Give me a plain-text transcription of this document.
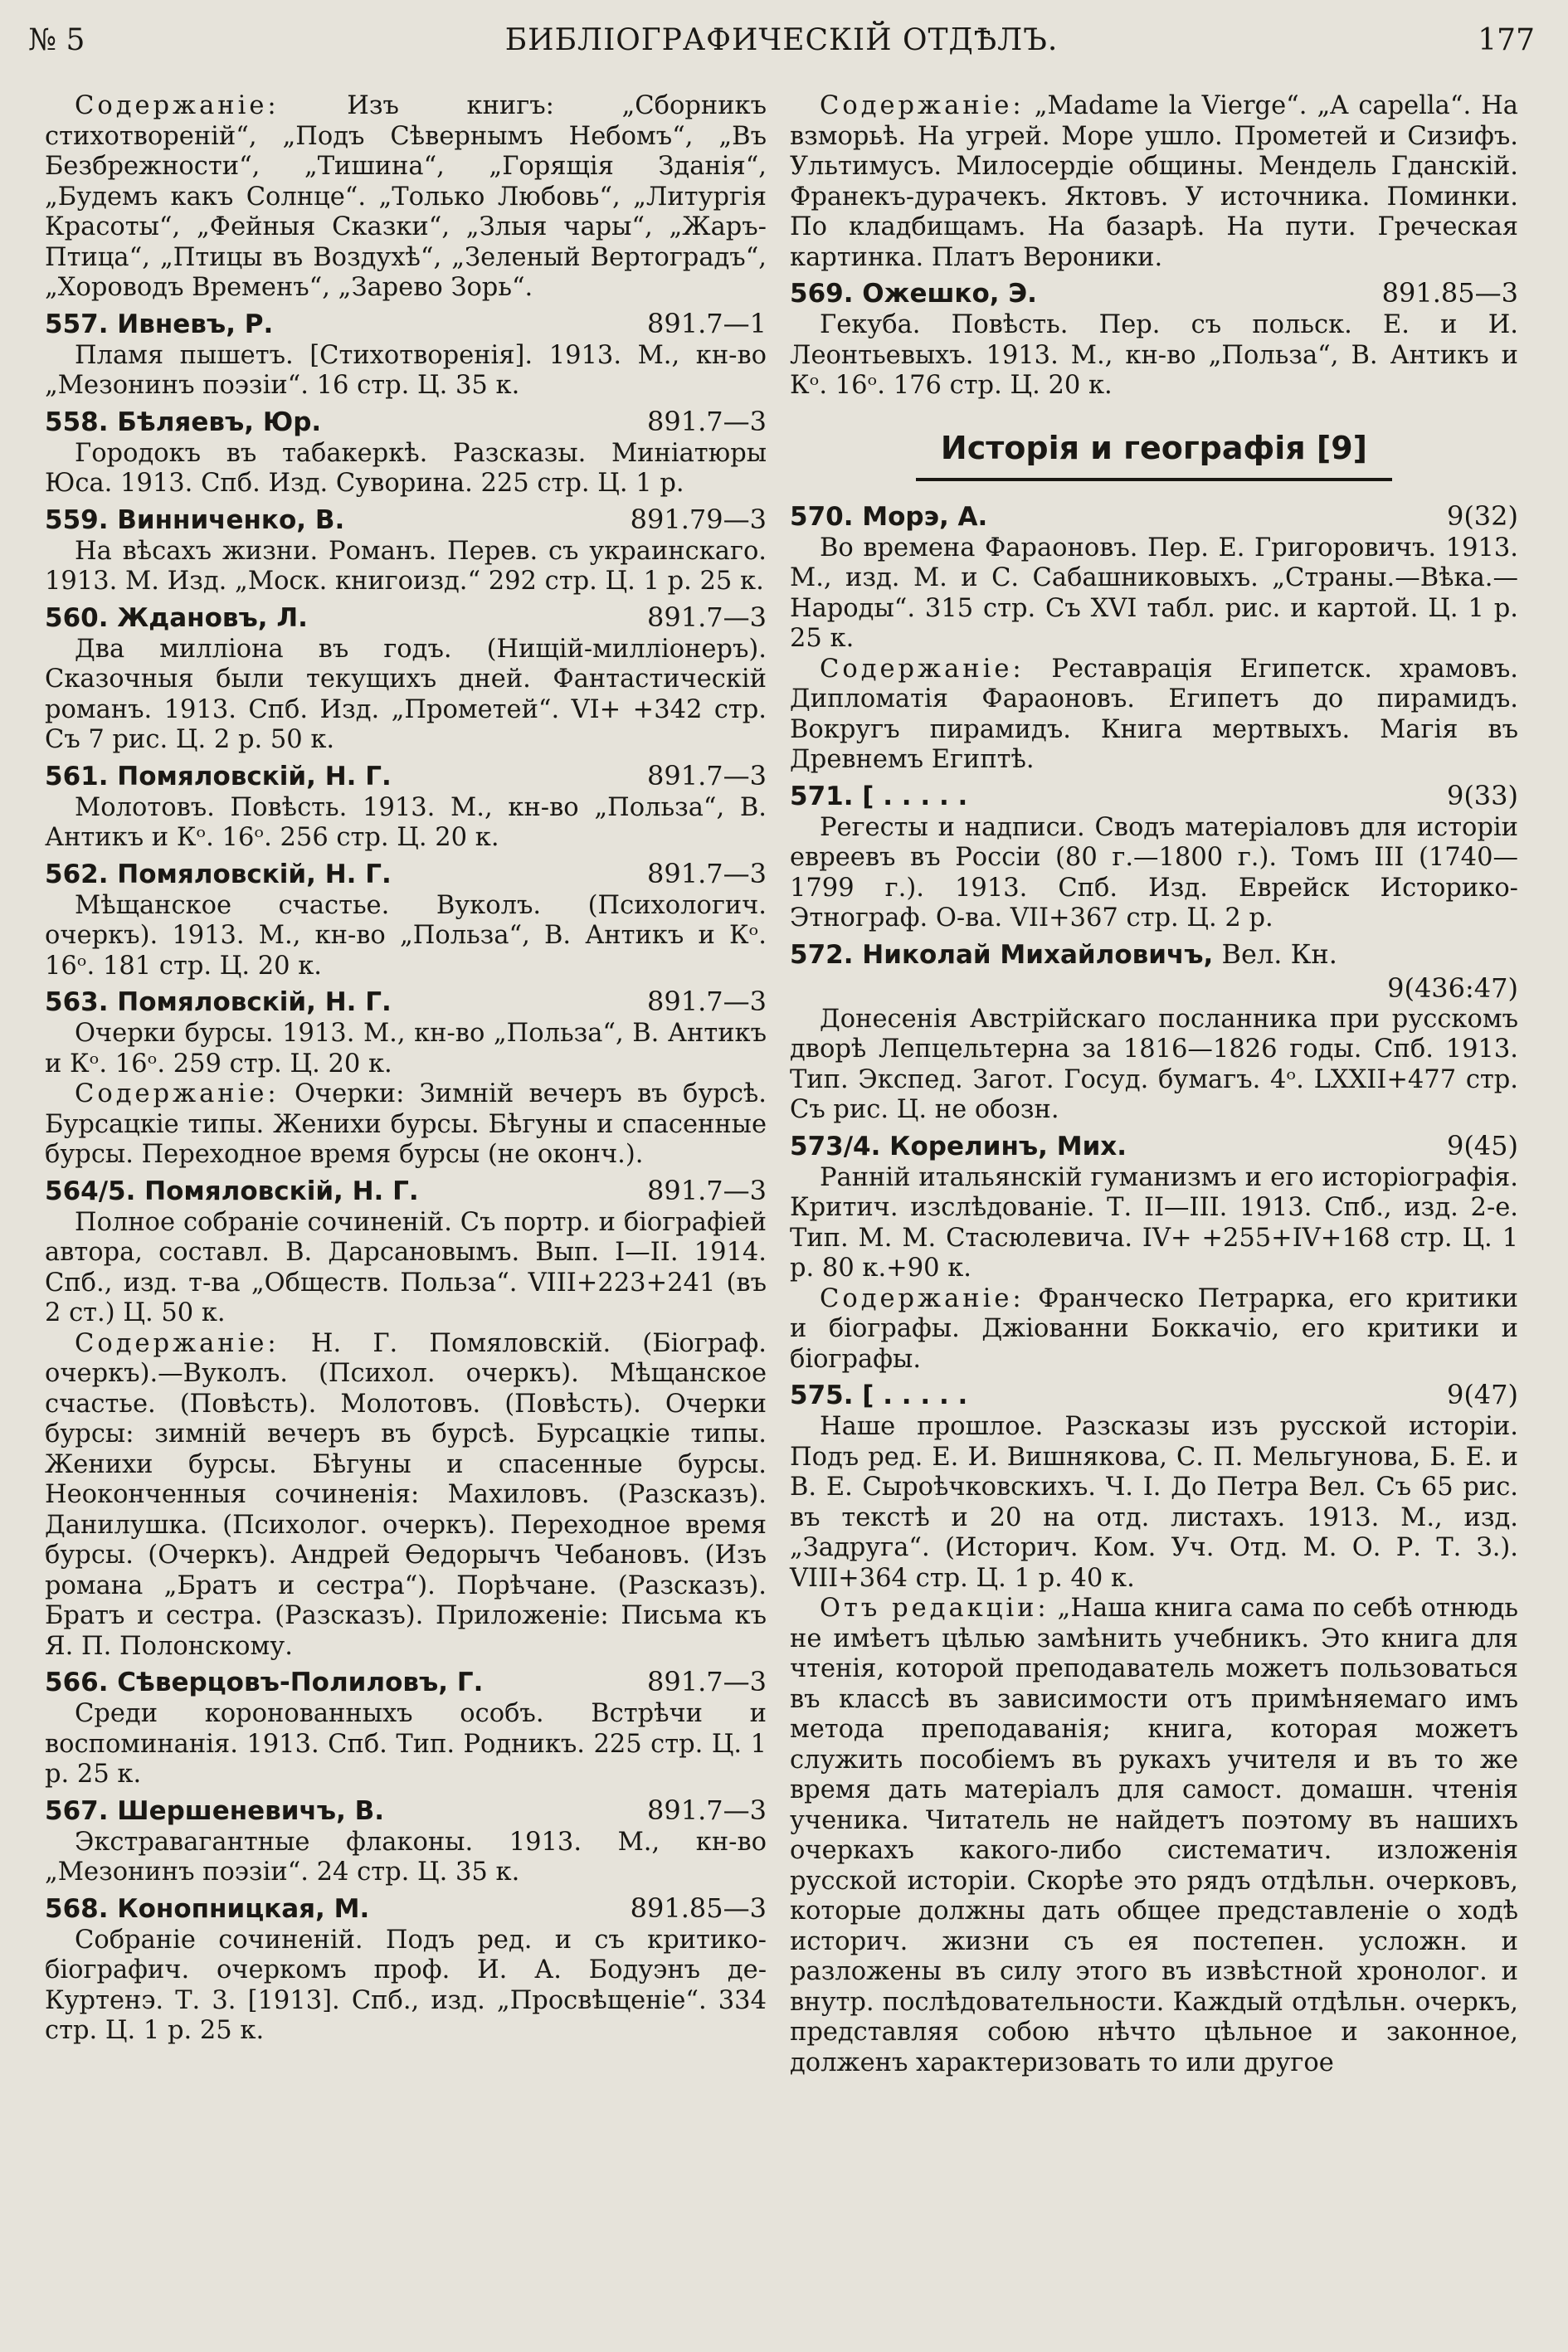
№ 5	БИБЛІОГРАФИЧЕСКІЙ ОТДѢЛЪ.	177

Содержаніе:	Изъ книгъ: „Сборникъ стихотвореній“, „Подъ Сѣвернымъ Небомъ“, „Въ Безбрежности“, „Тишина“, „Горящія Зданія“, „Будемъ какъ Солнце“. „Только Любовь“, „Литургія Красоты“, „Фейныя Сказки“, „Злыя чары“, „Жаръ-Птица“, „Птицы въ Воздухѣ“, „Зеленый Вертоградъ“, „Хороводъ Временъ“, „Зарево Зорь“.

557. Ивневъ, Р.	891.7—1
Пламя пышетъ. [Стихотворенія]. 1913. М., кн-во „Мезонинъ поэзіи“. 16 стр. Ц. 35 к.
558. Бѣляевъ, Юр.	891.7—3
Городокъ въ табакеркѣ. Разсказы. Миніатюры Юса. 1913. Спб. Изд. Суворина. 225 стр. Ц. 1 р.
559. Винниченко, В.	891.79—3
На вѣсахъ жизни. Романъ. Перев. съ украинскаго. 1913. М. Изд. „Моск. книгоизд.“ 292 стр. Ц. 1 р. 25 к.
560. Ждановъ, Л.	891.7—3
Два милліона въ годъ. (Нищій-милліонеръ). Сказочныя были текущихъ дней. Фантастическій романъ. 1913. Спб. Изд. „Прометей“. VI+ +342 стр. Съ 7 рис. Ц. 2 р. 50 к.
561. Помяловскій, Н. Г.	891.7—3
Молотовъ. Повѣсть. 1913. М., кн-во „Польза“, В. Антикъ и Кᵒ. 16ᵒ. 256 стр. Ц. 20 к.
562. Помяловскій, Н. Г.	891.7—3
Мѣщанское счастье. Вуколъ. (Психологич. очеркъ). 1913. М., кн-во „Польза“, В. Антикъ и Кᵒ. 16ᵒ. 181 стр. Ц. 20 к.
563. Помяловскій, Н. Г.	891.7—3
Очерки бурсы. 1913. М., кн-во „Польза“, В. Антикъ и Кᵒ. 16ᵒ. 259 стр. Ц. 20 к.
Содержаніе: Очерки: Зимній вечеръ въ бурсѣ. Бурсацкіе типы. Женихи бурсы. Бѣгуны и спасенные бурсы. Переходное время бурсы (не оконч.).
564/5. Помяловскій, Н. Г.	891.7—3
Полное собраніе сочиненій. Съ портр. и біографіей автора, составл. В. Дарсановымъ. Вып. I—II. 1914. Спб., изд. т-ва „Обществ. Польза“. VIII+223+241 (въ 2 ст.) Ц. 50 к.
Содержаніе: Н. Г. Помяловскій. (Біограф. очеркъ).—Вуколъ. (Психол. очеркъ). Мѣщанское счастье. (Повѣсть). Молотовъ. (Повѣсть). Очерки бурсы: зимній вечеръ въ бурсѣ. Бурсацкіе типы. Женихи бурсы. Бѣгуны и спасенные бурсы. Неоконченныя сочиненія: Махиловъ. (Разсказъ). Данилушка. (Психолог. очеркъ). Переходное время бурсы. (Очеркъ). Андрей Ѳедорычъ Чебановъ. (Изъ романа „Братъ и сестра“). Порѣчане. (Разсказъ). Братъ и сестра. (Разсказъ). Приложеніе: Письма къ Я. П. Полонскому.
566. Сѣверцовъ-Полиловъ, Г.	891.7—3
Среди коронованныхъ особъ. Встрѣчи и воспоминанія. 1913. Спб. Тип. Родникъ. 225 стр. Ц. 1 р. 25 к.
567. Шершеневичъ, В.	891.7—3
Экстравагантные флаконы. 1913. М., кн-во „Мезонинъ поэзіи“. 24 стр. Ц. 35 к.
568. Конопницкая, М.	891.85—3
Собраніе сочиненій. Подъ ред. и съ критико-біографич. очеркомъ проф. И. А. Бодуэнъ де-Куртенэ. Т. 3. [1913]. Спб., изд. „Просвѣщеніе“. 334 стр. Ц. 1 р. 25 к.

Содержаніе: „Madame la Vierge“. „A capella“. На взморьѣ. На угрей. Море ушло. Прометей и Сизифъ. Ультимусъ. Милосердіе общины. Мендель Гданскій. Франекъ-дурачекъ. Яктовъ. У источника. Поминки. По кладбищамъ. На базарѣ. На пути. Греческая картинка. Платъ Вероники.

569. Ожешко, Э.	891.85—3
Гекуба. Повѣсть. Пер. съ польск. Е. и И. Леонтьевыхъ. 1913. М., кн-во „Польза“, В. Антикъ и Кᵒ. 16ᵒ. 176 стр. Ц. 20 к.
Исторія и географія [9]
570. Морэ, А.	9(32)
Во времена Фараоновъ. Пер. Е. Григоровичъ. 1913. М., изд. М. и С. Сабашниковыхъ. „Страны.—Вѣка.—Народы“. 315 стр. Съ XVI табл. рис. и картой. Ц. 1 р. 25 к.
Содержаніе: Реставрація Египетск. храмовъ. Дипломатія Фараоновъ. Египетъ до пирамидъ. Вокругъ пирамидъ. Книга мертвыхъ. Магія въ Древнемъ Египтѣ.
571. [ . . . . .	9(33)
Регесты и надписи. Сводъ матеріаловъ для исторіи евреевъ въ Россіи (80 г.—1800 г.). Томъ III (1740—1799 г.). 1913. Спб. Изд. Еврейск Историко-Этнограф. О-ва. VII+367 стр. Ц. 2 р.
572. Николай Михайловичъ, Вел. Кн.
9(436:47)
Донесенія Австрійскаго посланника при русскомъ дворѣ Лепцельтерна за 1816—1826 годы. Спб. 1913. Тип. Экспед. Загот. Госуд. бумагъ. 4ᵒ. LXXII+477 стр. Съ рис. Ц. не обозн.
573/4. Корелинъ, Мих.	9(45)
Ранній итальянскій гуманизмъ и его исторіографія. Критич. изслѣдованіе. Т. II—III. 1913. Спб., изд. 2-е. Тип. М. М. Стасюлевича. IV+ +255+IV+168 стр. Ц. 1 р. 80 к.+90 к.
Содержаніе: Франческо Петрарка, его критики и біографы. Джіованни Боккачіо, его критики и біографы.
575. [ . . . . .	9(47)
Наше прошлое. Разсказы изъ русской исторіи. Подъ ред. Е. И. Вишнякова, С. П. Мельгунова, Б. Е. и В. Е. Сыроѣчковскихъ. Ч. I. До Петра Вел. Съ 65 рис. въ текстѣ и 20 на отд. листахъ. 1913. М., изд. „Задруга“. (Историч. Ком. Уч. Отд. М. О. Р. Т. З.). VIII+364 стр. Ц. 1 р. 40 к.
Отъ редакціи: „Наша книга сама по себѣ отнюдь не имѣетъ цѣлью замѣнить учебникъ. Это книга для чтенія, которой преподаватель можетъ пользоваться въ классѣ въ зависимости отъ примѣняемаго имъ метода преподаванія; книга, которая можетъ служить пособіемъ въ рукахъ учителя и въ то же время дать матеріалъ для самост. домашн. чтенія ученика. Читатель не найдетъ поэтому въ нашихъ очеркахъ какого-либо систематич. изложенія русской исторіи. Скорѣе это рядъ отдѣльн. очерковъ, которые должны дать общее представленіе о ходѣ историч. жизни съ ея постепен. усложн. и разложены въ силу этого въ извѣстной хронолог. и внутр. послѣдовательности. Каждый отдѣльн. очеркъ, представляя собою нѣчто цѣльное и законное, долженъ характеризовать то или другое
